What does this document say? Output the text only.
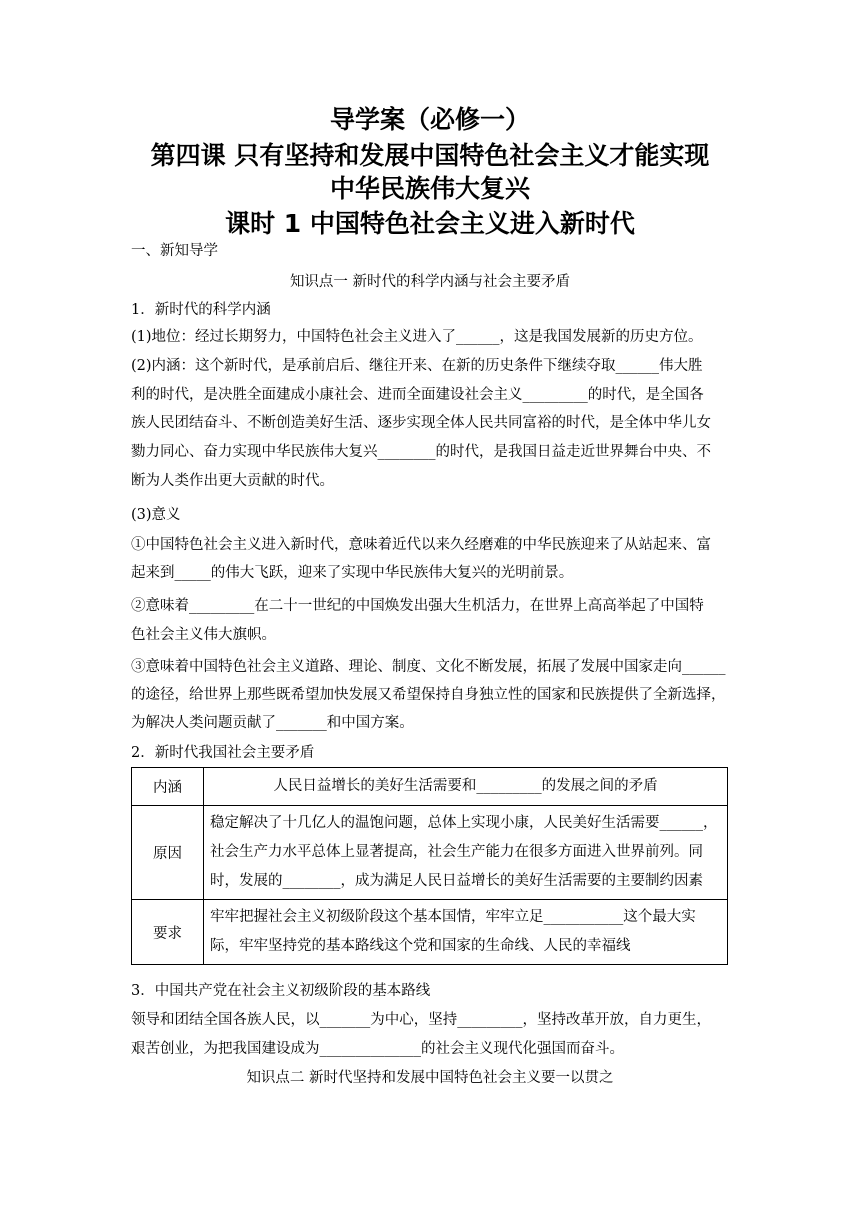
导学案（必修一）
第四课 只有坚持和发展中国特色社会主义才能实现
中华民族伟大复兴
课时 1 中国特色社会主义进入新时代
一、新知导学
知识点一 新时代的科学内涵与社会主要矛盾
1．新时代的科学内涵
(1)地位：经过长期努力，中国特色社会主义进入了______，这是我国发展新的历史方位。
(2)内涵：这个新时代，是承前启后、继往开来、在新的历史条件下继续夺取______伟大胜
利的时代，是决胜全面建成小康社会、进而全面建设社会主义_________的时代，是全国各
族人民团结奋斗、不断创造美好生活、逐步实现全体人民共同富裕的时代，是全体中华儿女
勠力同心、奋力实现中华民族伟大复兴________的时代，是我国日益走近世界舞台中央、不
断为人类作出更大贡献的时代。
(3)意义
①中国特色社会主义进入新时代，意味着近代以来久经磨难的中华民族迎来了从站起来、富
起来到_____的伟大飞跃，迎来了实现中华民族伟大复兴的光明前景。
②意味着_________在二十一世纪的中国焕发出强大生机活力，在世界上高高举起了中国特
色社会主义伟大旗帜。
③意味着中国特色社会主义道路、理论、制度、文化不断发展，拓展了发展中国家走向______
的途径，给世界上那些既希望加快发展又希望保持自身独立性的国家和民族提供了全新选择，
为解决人类问题贡献了_______和中国方案。
2．新时代我国社会主要矛盾
内涵	人民日益增长的美好生活需要和_________的发展之间的矛盾

原因	稳定解决了十几亿人的温饱问题，总体上实现小康，人民美好生活需要______，
社会生产力水平总体上显著提高，社会生产能力在很多方面进入世界前列。同
时，发展的________，成为满足人民日益增长的美好生活需要的主要制约因素

要求	牢牢把握社会主义初级阶段这个基本国情，牢牢立足___________这个最大实
际，牢牢坚持党的基本路线这个党和国家的生命线、人民的幸福线
3．中国共产党在社会主义初级阶段的基本路线
领导和团结全国各族人民，以_______为中心，坚持_________，坚持改革开放，自力更生，
艰苦创业，为把我国建设成为______________的社会主义现代化强国而奋斗。
知识点二 新时代坚持和发展中国特色社会主义要一以贯之
